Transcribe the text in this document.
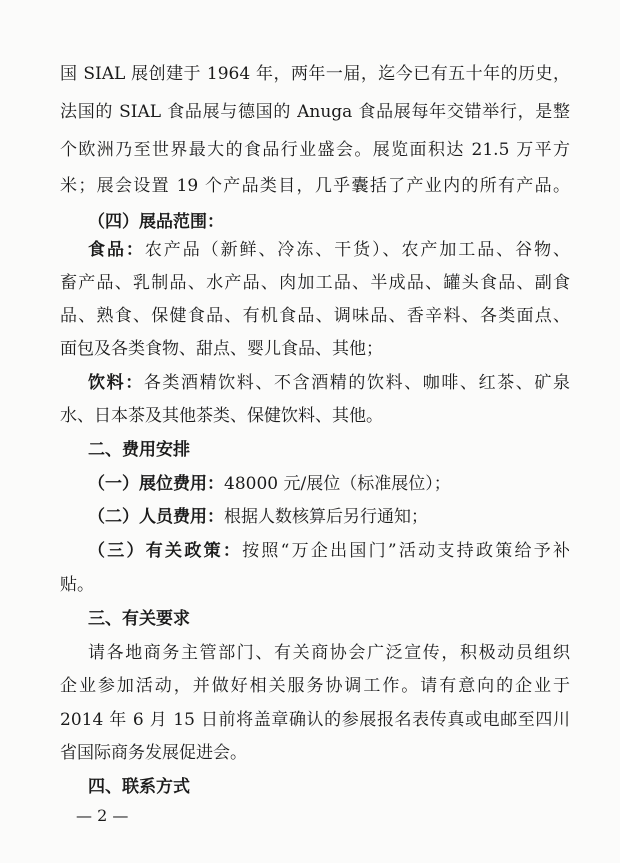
国 SIAL 展创建于 1964 年，两年一届，迄今已有五十年的历史，
法国的 SIAL 食品展与德国的 Anuga 食品展每年交错举行，是整
个欧洲乃至世界最大的食品行业盛会。展览面积达 21.5 万平方
米；展会设置 19 个产品类目，几乎囊括了产业内的所有产品。
（四）展品范围：
食品：农产品（新鲜、冷冻、干货）、农产加工品、谷物、
畜产品、乳制品、水产品、肉加工品、半成品、罐头食品、副食
品、熟食、保健食品、有机食品、调味品、香辛料、各类面点、
面包及各类食物、甜点、婴儿食品、其他；
饮料：各类酒精饮料、不含酒精的饮料、咖啡、红茶、矿泉
水、日本茶及其他茶类、保健饮料、其他。
二、费用安排
（一）展位费用：48000 元/展位（标准展位）；
（二）人员费用：根据人数核算后另行通知；
（三）有关政策：按照“万企出国门”活动支持政策给予补
贴。
三、有关要求
请各地商务主管部门、有关商协会广泛宣传，积极动员组织
企业参加活动，并做好相关服务协调工作。请有意向的企业于
2014 年 6 月 15 日前将盖章确认的参展报名表传真或电邮至四川
省国际商务发展促进会。
— 2 —
四、联系方式
